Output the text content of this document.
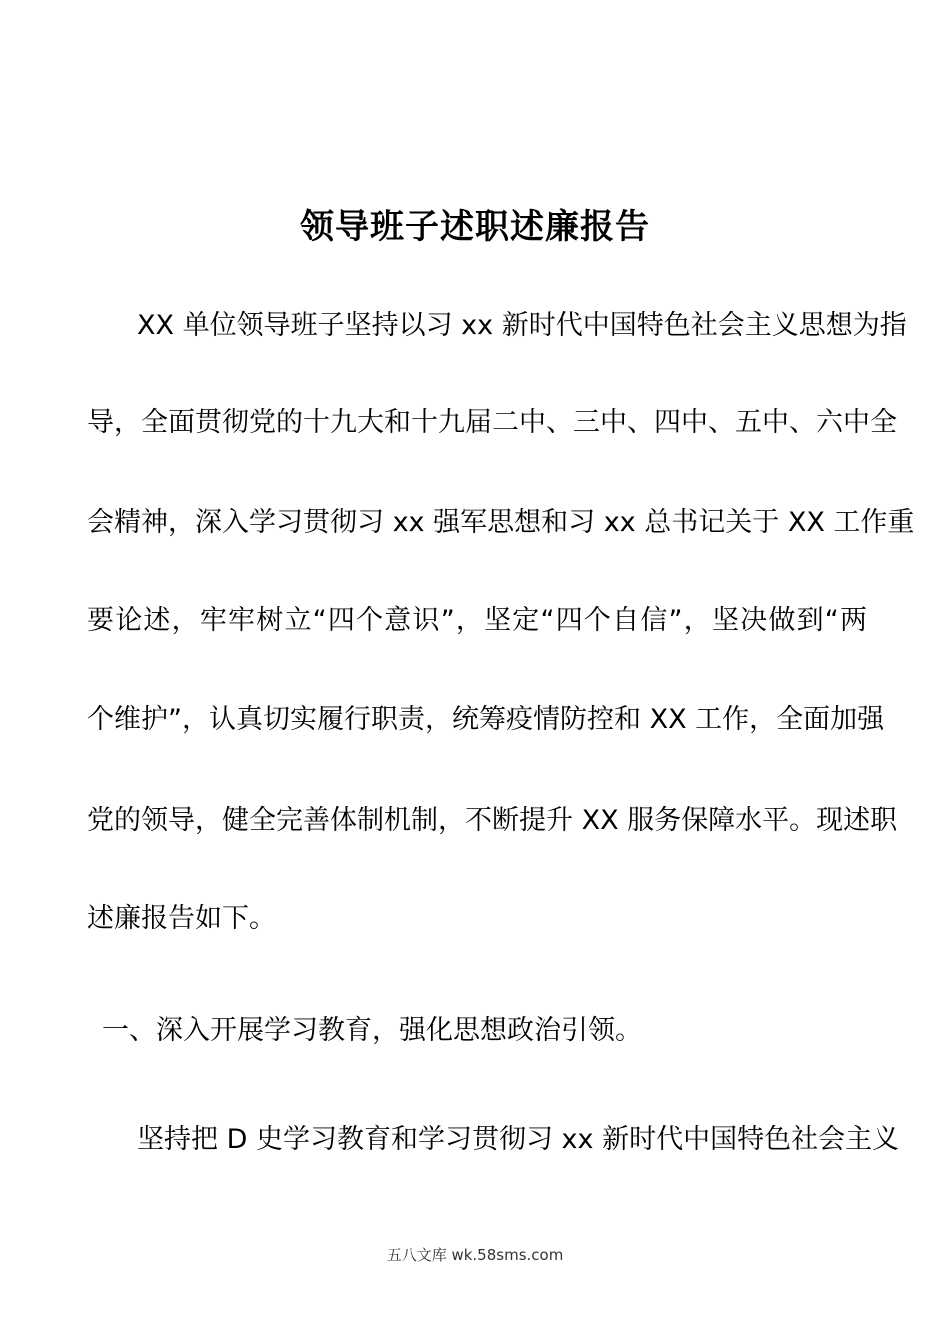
领导班子述职述廉报告
XX 单位领导班子坚持以习 xx 新时代中国特色社会主义思想为指
导，全面贯彻党的十九大和十九届二中、三中、四中、五中、六中全
会精神，深入学习贯彻习 xx 强军思想和习 xx 总书记关于 XX 工作重
要论述，牢牢树立“四个意识”，坚定“四个自信”，坚决做到“两
个维护”，认真切实履行职责，统筹疫情防控和 XX 工作，全面加强
党的领导，健全完善体制机制，不断提升 XX 服务保障水平。现述职
述廉报告如下。
一、深入开展学习教育，强化思想政治引领。
坚持把 D 史学习教育和学习贯彻习 xx 新时代中国特色社会主义
五八文库 wk.58sms.com
